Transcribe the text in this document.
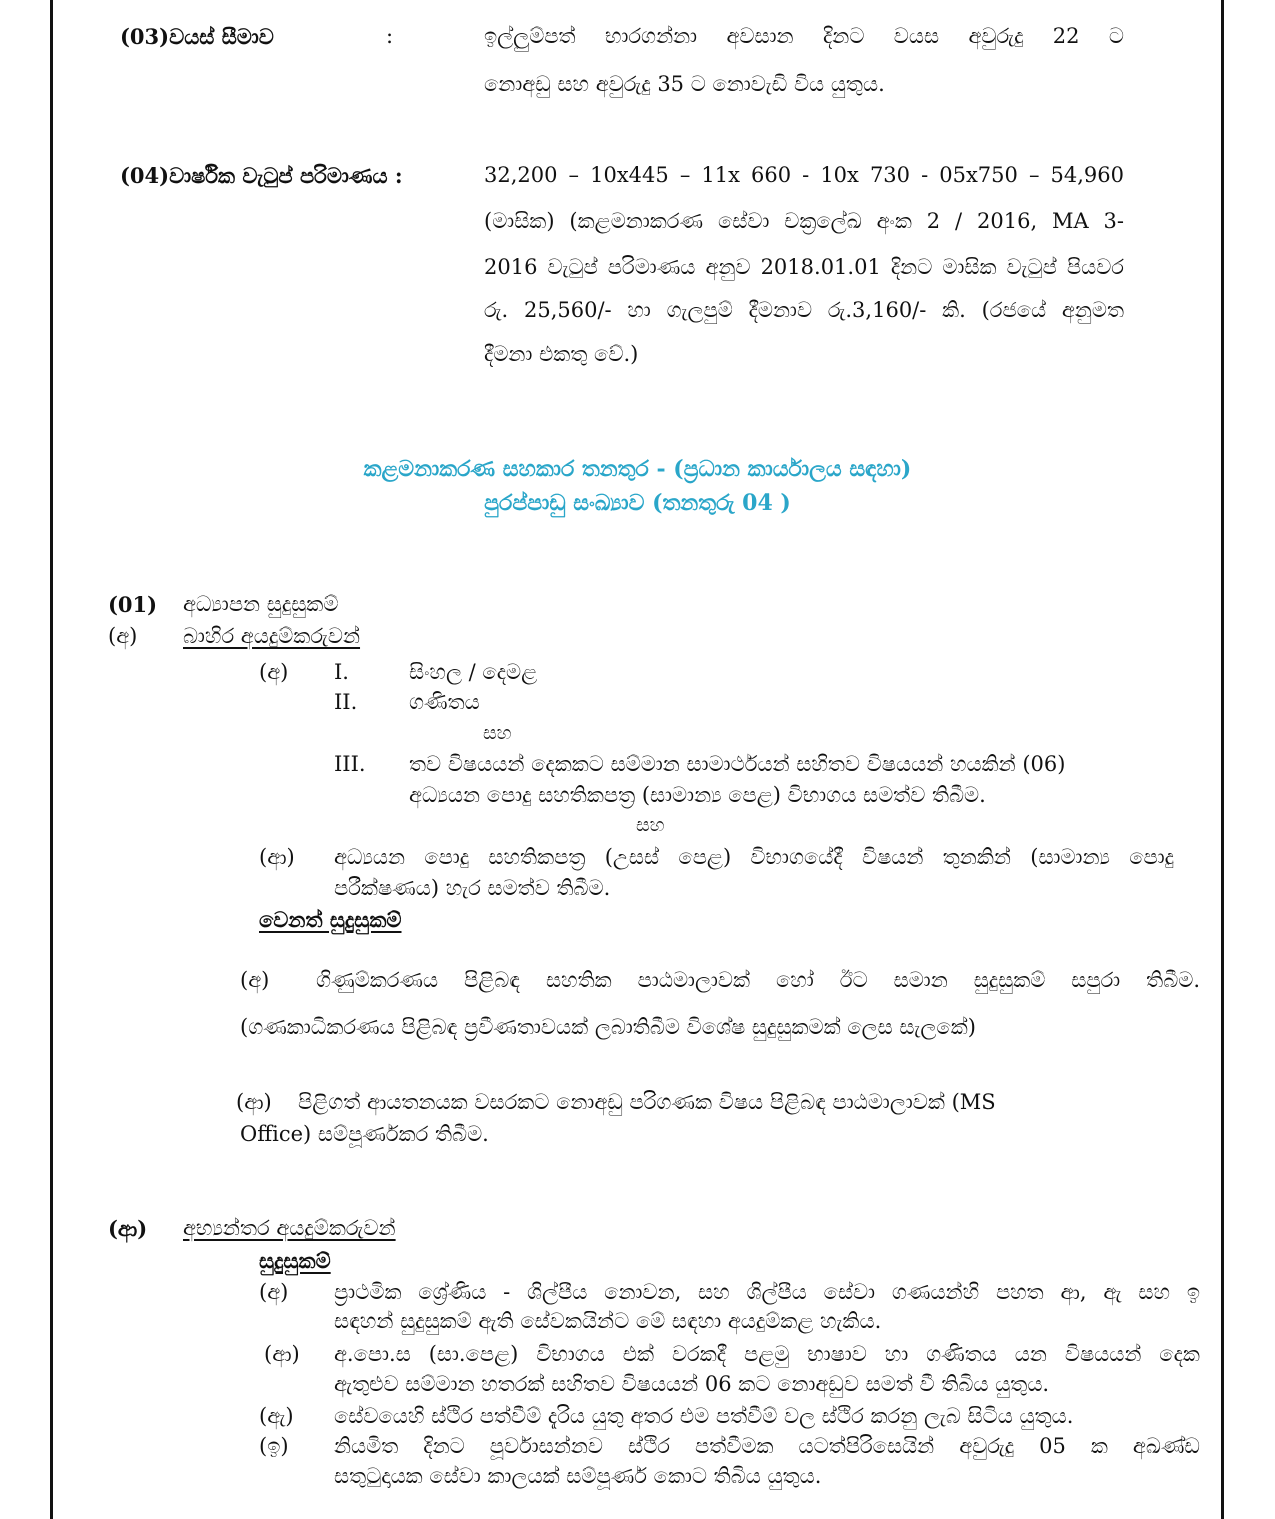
(03)වයස් සීමාව	:	ඉල්ලුම්පත් භාරගන්නා අවසාන දිනට වයස අවුරුදු 22 ට
නොඅඩු සහ අවුරුදු 35 ට නොවැඩි විය යුතුය.
(04)වාර්ෂික වැටුප් පරිමාණය :	32,200 – 10x445 – 11x 660 - 10x 730 - 05x750 – 54,960
(මාසික) (කළමනාකරණ සේවා චක්‍රලේඛ අංක 2 / 2016, MA 3-
2016 වැටුප් පරිමාණය අනුව 2018.01.01 දිනට මාසික වැටුප් පියවර
රු. 25,560/- හා ගැලපුම් දීමනාව රු.3,160/- කි. (රජයේ අනුමත
දීමනා එකතු වේ.)
කළමනාකරණ සහකාර තනතුර - (ප්‍රධාන කාර්යාලය සඳහා)
පුරප්පාඩු සංඛ්‍යාව (තනතුරු 04 )
(01) අධ්‍යාපන සුදුසුකම්
(අ) බාහිර අයදුම්කරුවන්
(අ) I.	සිංහල / දෙමළ
II. ගණිතය
සහ
III. තව විෂයයන් දෙකකට සම්මාන සාමාර්ථයන් සහිතව විෂයයන් හයකින් (06)
අධ්‍යයන පොදු සහතිකපත්‍ර (සාමාන්‍ය පෙළ) විභාගය සමත්ව තිබීම.
සහ
(ආ) අධ්‍යයන පොදු සහතිකපත්‍ර (උසස් පෙළ) විභාගයේදී විෂයන් තුනකින් (සාමාන්‍ය පොදු
පරීක්ෂණය) හැර සමත්ව තිබීම.
වෙනත් සුදුසුකම්
(අ) ගිණුම්කරණය පිළිබඳ සහතික පාඨමාලාවක් හෝ ඊට සමාන සුදුසුකම් සපුරා තිබීම.
(ගණකාධිකරණය පිළිබඳ ප්‍රවීණතාවයක් ලබාතිබීම විශේෂ සුදුසුකමක් ලෙස සැලකේ)
(ආ) පිළිගත් ආයතනයක වසරකට නොඅඩු පරිගණක විෂය පිළිබඳ පාඨමාලාවක් (MS
Office) සම්පූර්ණකර තිබීම.
(ආ) අභ්‍යන්තර අයදුම්කරුවන්
සුදුසුකම්
(අ) ප්‍රාථමික ශ්‍රේණිය - ශිල්පීය නොවන, සහ ශිල්පීය සේවා ගණයන්හි පහත ආ, ඇ සහ ඉ
සඳහන් සුදුසුකම් ඇති සේවකයින්ට මේ සඳහා අයදුම්කළ හැකිය.
(ආ) අ.පො.ස (සා.පෙළ) විභාගය එක් වරකදී පළමු භාෂාව හා ගණිතය යන විෂයයන් දෙක
ඇතුළුව සම්මාන හතරක් සහිතව විෂයයන් 06 කට නොඅඩුව සමත් වී තිබිය යුතුය.
(ඇ) සේවයෙහි ස්ථිර පත්වීම් දැරිය යුතු අතර එම පත්වීම් වල ස්ථිර කරනු ලැබ සිටිය යුතුය.
(ඉ) නියමිත දිනට පූර්වාසන්නව ස්ථිර පත්වීමක යටත්පිරිසෙයින් අවුරුදු 05 ක අඛණ්ඩ
සතුටුදායක සේවා කාලයක් සම්පූර්ණ කොට තිබිය යුතුය.
